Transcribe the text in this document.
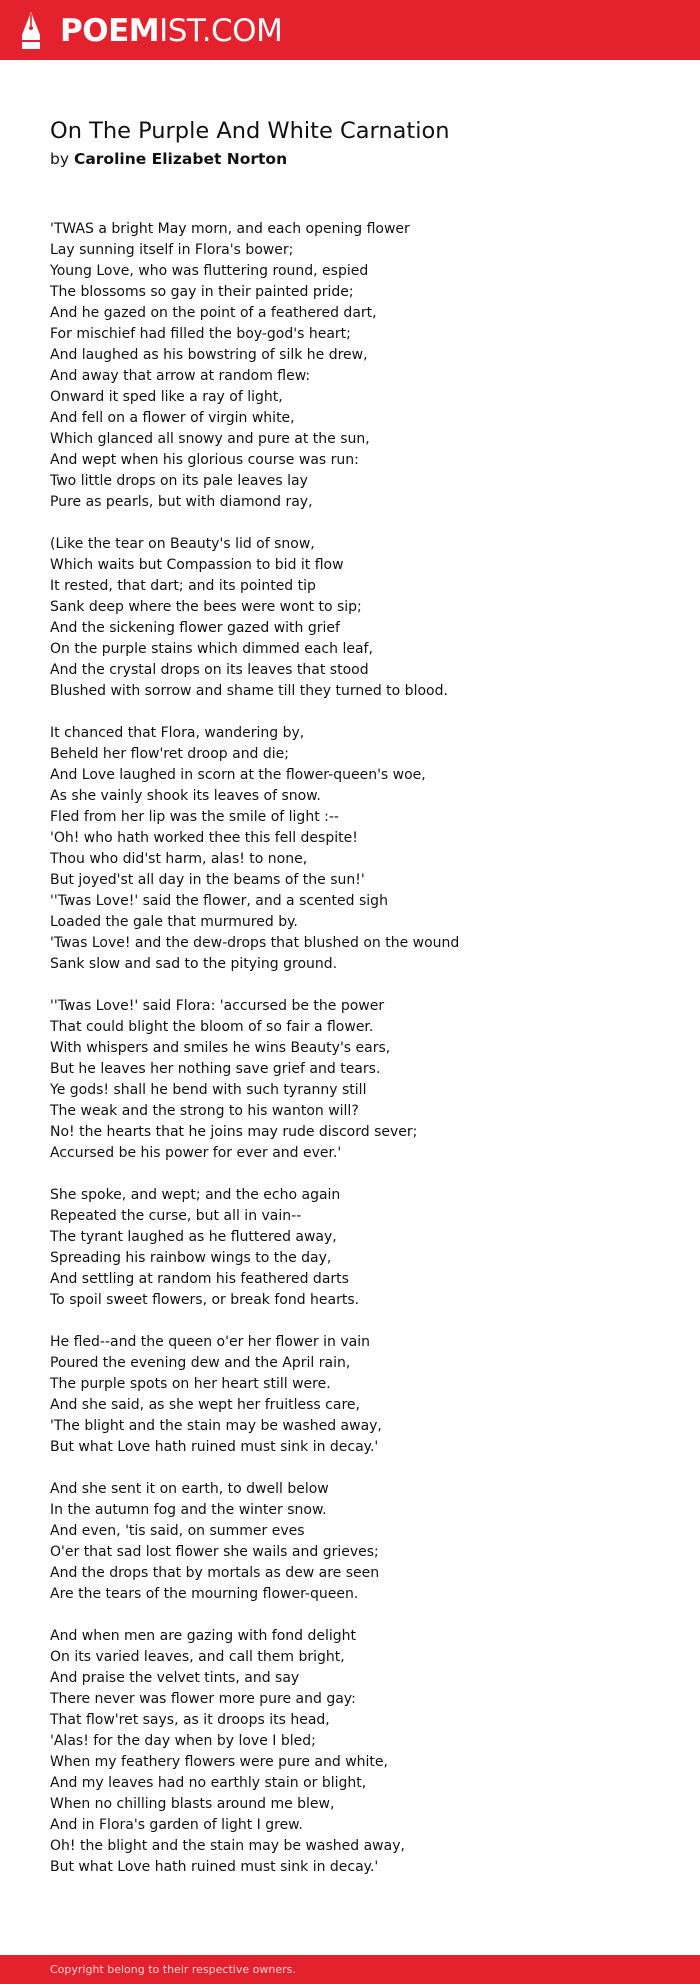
POEMIST.COM
On The Purple And White Carnation
by Caroline Elizabet Norton
'TWAS a bright May morn, and each opening flower
Lay sunning itself in Flora's bower;
Young Love, who was fluttering round, espied
The blossoms so gay in their painted pride;
And he gazed on the point of a feathered dart,
For mischief had filled the boy-god's heart;
And laughed as his bowstring of silk he drew,
And away that arrow at random flew:
Onward it sped like a ray of light,
And fell on a flower of virgin white,
Which glanced all snowy and pure at the sun,
And wept when his glorious course was run:
Two little drops on its pale leaves lay
Pure as pearls, but with diamond ray,
(Like the tear on Beauty's lid of snow,
Which waits but Compassion to bid it flow
It rested, that dart; and its pointed tip
Sank deep where the bees were wont to sip;
And the sickening flower gazed with grief
On the purple stains which dimmed each leaf,
And the crystal drops on its leaves that stood
Blushed with sorrow and shame till they turned to blood.
It chanced that Flora, wandering by,
Beheld her flow'ret droop and die;
And Love laughed in scorn at the flower-queen's woe,
As she vainly shook its leaves of snow.
Fled from her lip was the smile of light :--
'Oh! who hath worked thee this fell despite!
Thou who did'st harm, alas! to none,
But joyed'st all day in the beams of the sun!'
''Twas Love!' said the flower, and a scented sigh
Loaded the gale that murmured by.
'Twas Love! and the dew-drops that blushed on the wound
Sank slow and sad to the pitying ground.
''Twas Love!' said Flora: 'accursed be the power
That could blight the bloom of so fair a flower.
With whispers and smiles he wins Beauty's ears,
But he leaves her nothing save grief and tears.
Ye gods! shall he bend with such tyranny still
The weak and the strong to his wanton will?
No! the hearts that he joins may rude discord sever;
Accursed be his power for ever and ever.'
She spoke, and wept; and the echo again
Repeated the curse, but all in vain--
The tyrant laughed as he fluttered away,
Spreading his rainbow wings to the day,
And settling at random his feathered darts
To spoil sweet flowers, or break fond hearts.
He fled--and the queen o'er her flower in vain
Poured the evening dew and the April rain,
The purple spots on her heart still were.
And she said, as she wept her fruitless care,
'The blight and the stain may be washed away,
But what Love hath ruined must sink in decay.'
And she sent it on earth, to dwell below
In the autumn fog and the winter snow.
And even, 'tis said, on summer eves
O'er that sad lost flower she wails and grieves;
And the drops that by mortals as dew are seen
Are the tears of the mourning flower-queen.
And when men are gazing with fond delight
On its varied leaves, and call them bright,
And praise the velvet tints, and say
There never was flower more pure and gay:
That flow'ret says, as it droops its head,
'Alas! for the day when by love I bled;
When my feathery flowers were pure and white,
And my leaves had no earthly stain or blight,
When no chilling blasts around me blew,
And in Flora's garden of light I grew.
Oh! the blight and the stain may be washed away,
But what Love hath ruined must sink in decay.'
Copyright belong to their respective owners.
